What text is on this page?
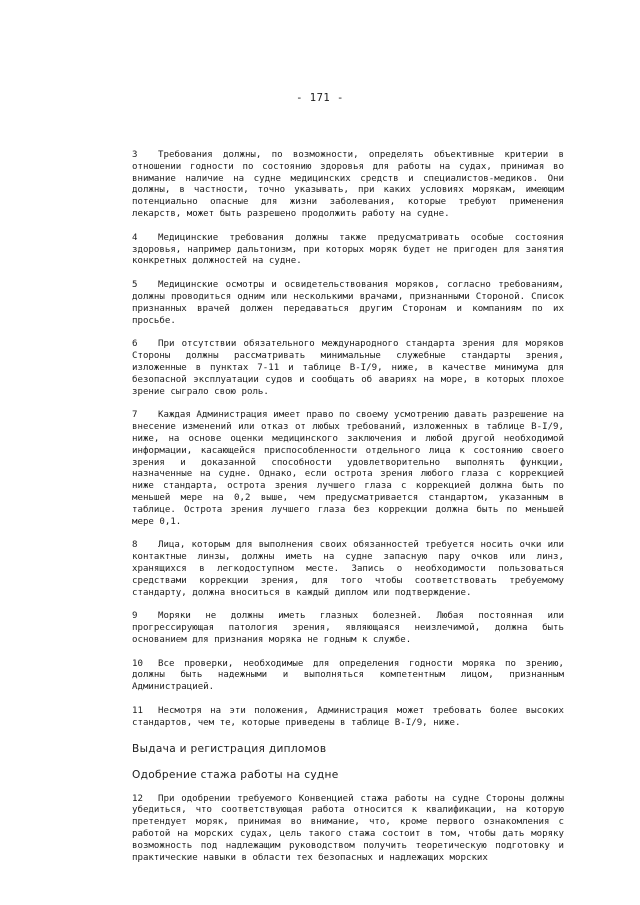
- 171 -

3 Требования должны, по возможности, определять объективные критерии в отношении годности по состоянию здоровья для работы на судах, принимая во внимание наличие на судне медицинских средств и специалистов-медиков. Они должны, в частности, точно указывать, при каких условиях морякам, имеющим потенциально опасные для жизни заболевания, которые требуют применения лекарств, может быть разрешено продолжить работу на судне.

4 Медицинские требования должны также предусматривать особые состояния здоровья, например дальтонизм, при которых моряк будет не пригоден для занятия конкретных должностей на судне.

5 Медицинские осмотры и освидетельствования моряков, согласно требованиям, должны проводиться одним или несколькими врачами, признанными Стороной. Список признанных врачей должен передаваться другим Сторонам и компаниям по их просьбе.

6 При отсутствии обязательного международного стандарта зрения для моряков Стороны должны рассматривать минимальные служебные стандарты зрения, изложенные в пунктах 7-11 и таблице B-I/9, ниже, в качестве минимума для безопасной эксплуатации судов и сообщать об авариях на море, в которых плохое зрение сыграло свою роль.

7 Каждая Администрация имеет право по своему усмотрению давать разрешение на внесение изменений или отказ от любых требований, изложенных в таблице B-I/9, ниже, на основе оценки медицинского заключения и любой другой необходимой информации, касающейся приспособленности отдельного лица к состоянию своего зрения и доказанной способности удовлетворительно выполнять функции, назначенные на судне. Однако, если острота зрения любого глаза с коррекцией ниже стандарта, острота зрения лучшего глаза с коррекцией должна быть по меньшей мере на 0,2 выше, чем предусматривается стандартом, указанным в таблице. Острота зрения лучшего глаза без коррекции должна быть по меньшей мере 0,1.

8 Лица, которым для выполнения своих обязанностей требуется носить очки или контактные линзы, должны иметь на судне запасную пару очков или линз, хранящихся в легкодоступном месте. Запись о необходимости пользоваться средствами коррекции зрения, для того чтобы соответствовать требуемому стандарту, должна вноситься в каждый диплом или подтверждение.

9 Моряки не должны иметь глазных болезней. Любая постоянная или прогрессирующая патология зрения, являющаяся неизлечимой, должна быть основанием для признания моряка не годным к службе.

10 Все проверки, необходимые для определения годности моряка по зрению, должны быть надежными и выполняться компетентным лицом, признанным Администрацией.

11 Несмотря на эти положения, Администрация может требовать более высоких стандартов, чем те, которые приведены в таблице B-I/9, ниже.

Выдача и регистрация дипломов
Одобрение стажа работы на судне

12 При одобрении требуемого Конвенцией стажа работы на судне Стороны должны убедиться, что соответствующая работа относится к квалификации, на которую претендует моряк, принимая во внимание, что, кроме первого ознакомления с работой на морских судах, цель такого стажа состоит в том, чтобы дать моряку возможность под надлежащим руководством получить теоретическую подготовку и практические навыки в области тех безопасных и надлежащих морских
